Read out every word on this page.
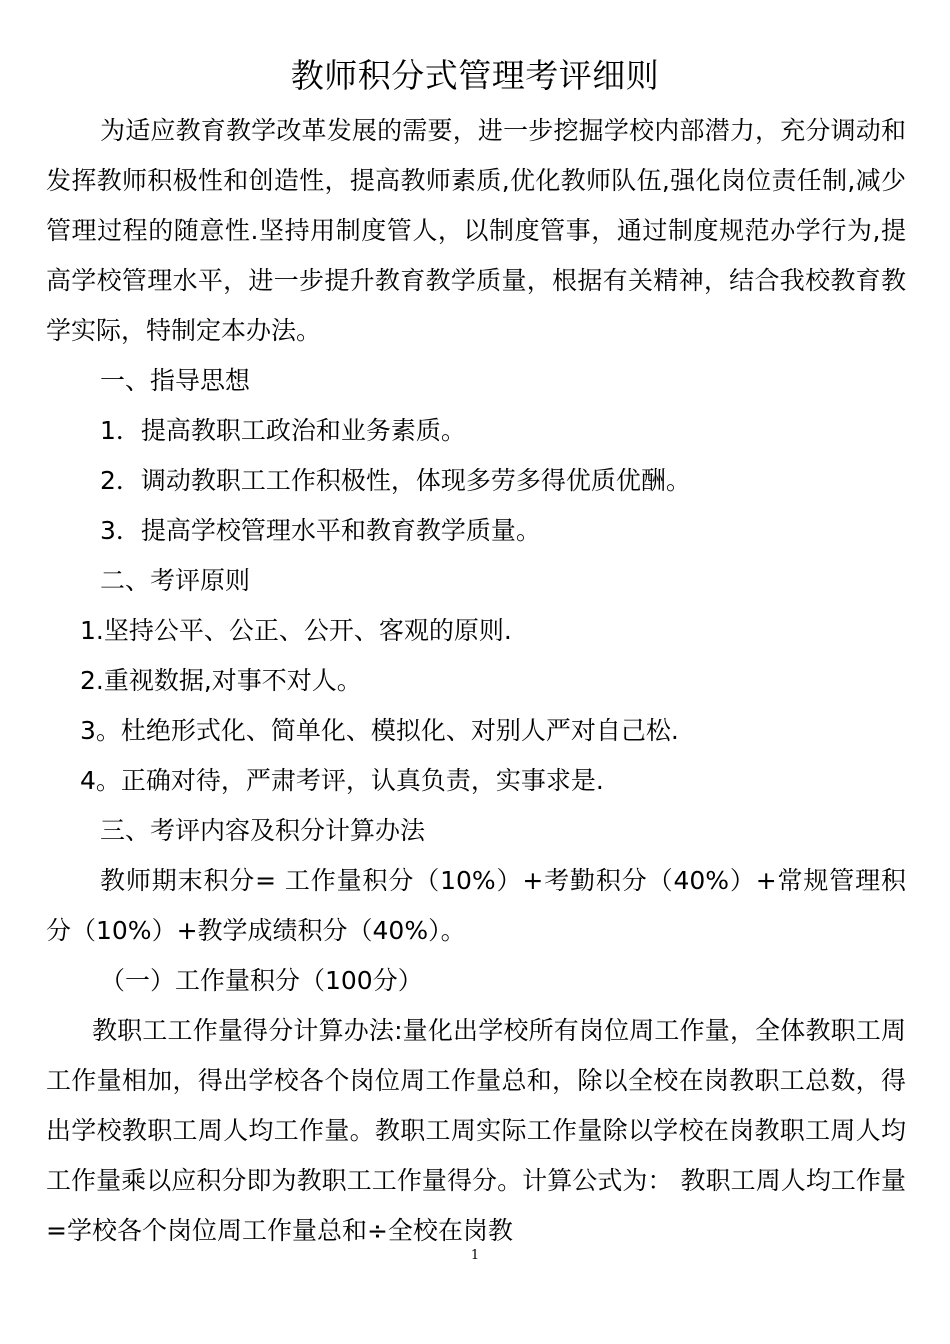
教师积分式管理考评细则

为适应教育教学改革发展的需要，进一步挖掘学校内部潜力，充分调动和发挥教师积极性和创造性，提高教师素质,优化教师队伍,强化岗位责任制,减少管理过程的随意性.坚持用制度管人，以制度管事，通过制度规范办学行为,提高学校管理水平，进一步提升教育教学质量，根据有关精神，结合我校教育教学实际，特制定本办法。

一、指导思想

1．提高教职工政治和业务素质。

2．调动教职工工作积极性，体现多劳多得优质优酬。

3．提高学校管理水平和教育教学质量。

二、考评原则

1.坚持公平、公正、公开、客观的原则.

2.重视数据,对事不对人。

3。杜绝形式化、简单化、模拟化、对别人严对自己松.

4。正确对待，严肃考评，认真负责，实事求是.

三、考评内容及积分计算办法

教师期末积分= 工作量积分（10%）+考勤积分（40%）+常规管理积分（10%）+教学成绩积分（40%）。

（一）工作量积分（100分）

教职工工作量得分计算办法:量化出学校所有岗位周工作量，全体教职工周工作量相加，得出学校各个岗位周工作量总和，除以全校在岗教职工总数，得出学校教职工周人均工作量。教职工周实际工作量除以学校在岗教职工周人均工作量乘以应积分即为教职工工作量得分。计算公式为： 教职工周人均工作量=学校各个岗位周工作量总和÷全校在岗教

1
